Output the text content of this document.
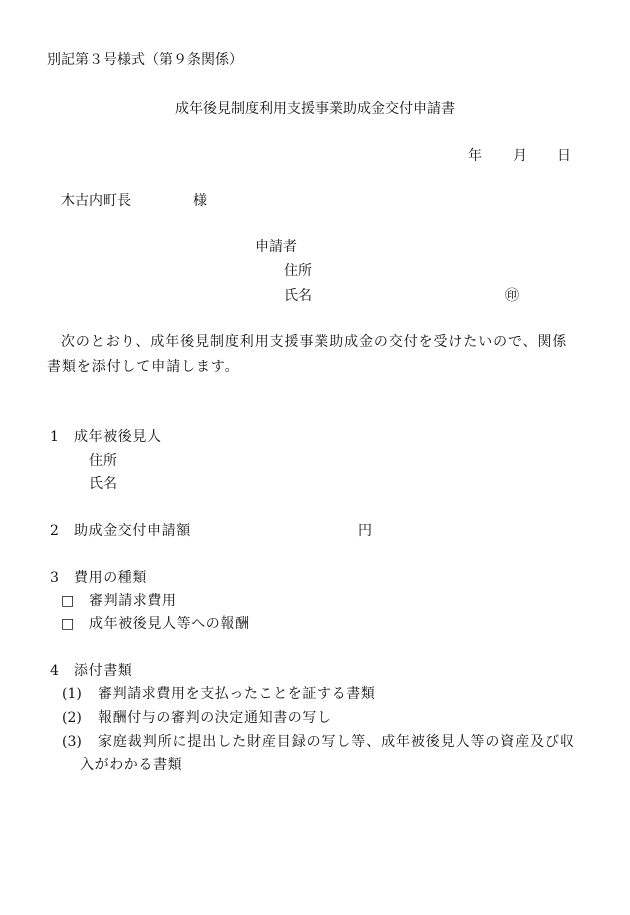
別記第３号様式（第９条関係）
成年後見制度利用支援事業助成金交付申請書
年 月 日
木古内町長	様
申請者
住所
氏名	㊞
次のとおり、成年後見制度利用支援事業助成金の交付を受けたいので、関係
書類を添付して申請します。
1 成年被後見人
住所
氏名
2 助成金交付申請額	円
3 費用の種類
□ 審判請求費用
□ 成年被後見人等への報酬
4 添付書類
(1) 審判請求費用を支払ったことを証する書類
(2) 報酬付与の審判の決定通知書の写し
(3) 家庭裁判所に提出した財産目録の写し等、成年被後見人等の資産及び収
入がわかる書類
